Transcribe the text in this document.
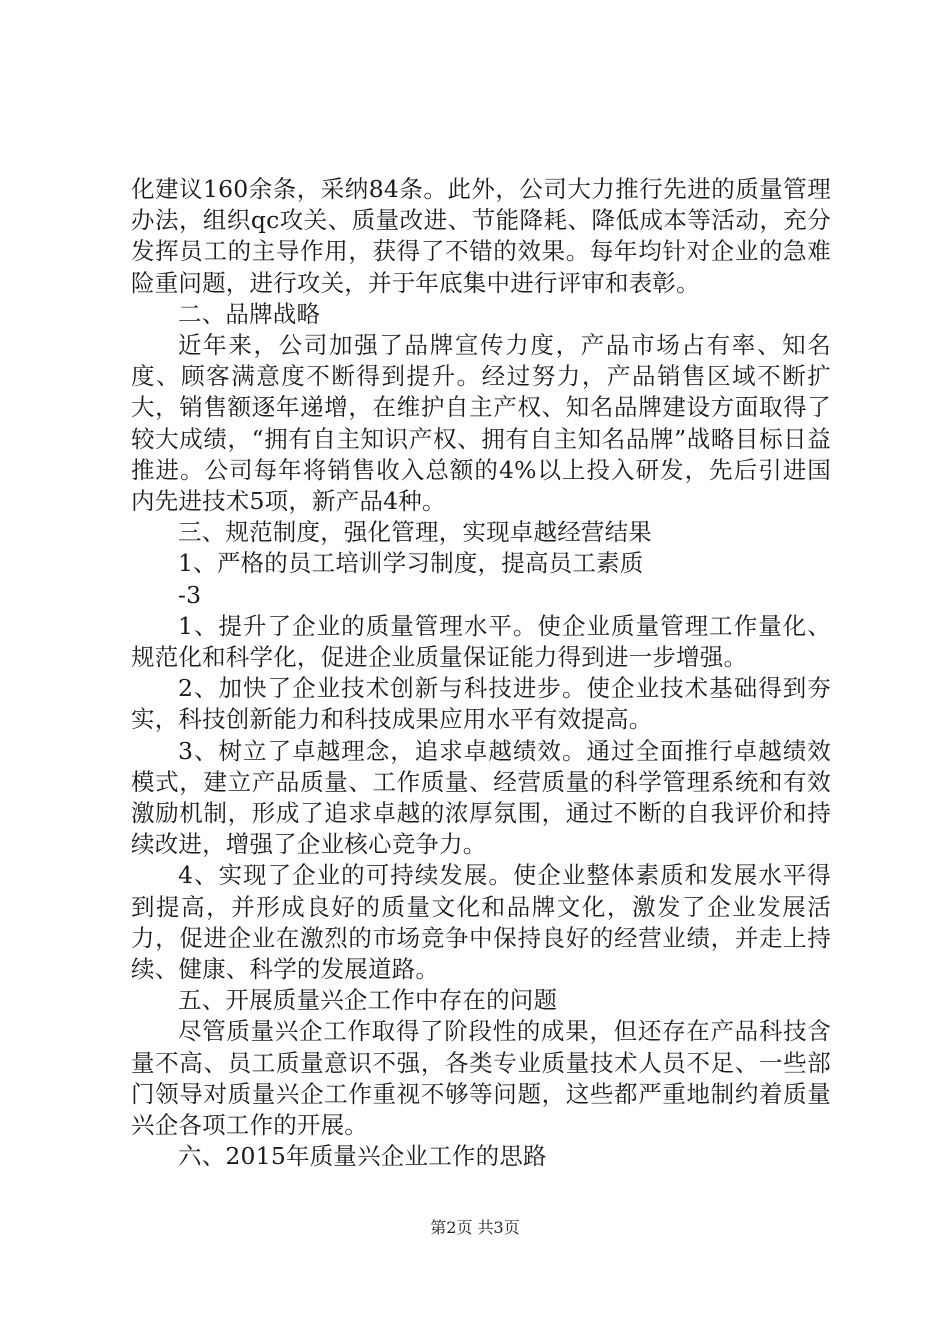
化建议160余条，采纳84条。此外，公司大力推行先进的质量管理办法，组织qc攻关、质量改进、节能降耗、降低成本等活动，充分发挥员工的主导作用，获得了不错的效果。每年均针对企业的急难险重问题，进行攻关，并于年底集中进行评审和表彰。

二、品牌战略

近年来，公司加强了品牌宣传力度，产品市场占有率、知名度、顾客满意度不断得到提升。经过努力，产品销售区域不断扩大，销售额逐年递增，在维护自主产权、知名品牌建设方面取得了较大成绩，“拥有自主知识产权、拥有自主知名品牌”战略目标日益推进。公司每年将销售收入总额的4%以上投入研发，先后引进国内先进技术5项，新产品4种。

三、规范制度，强化管理，实现卓越经营结果

1、严格的员工培训学习制度，提高员工素质

-3

1、提升了企业的质量管理水平。使企业质量管理工作量化、规范化和科学化，促进企业质量保证能力得到进一步增强。

2、加快了企业技术创新与科技进步。使企业技术基础得到夯实，科技创新能力和科技成果应用水平有效提高。

3、树立了卓越理念，追求卓越绩效。通过全面推行卓越绩效模式，建立产品质量、工作质量、经营质量的科学管理系统和有效激励机制，形成了追求卓越的浓厚氛围，通过不断的自我评价和持续改进，增强了企业核心竞争力。

4、实现了企业的可持续发展。使企业整体素质和发展水平得到提高，并形成良好的质量文化和品牌文化，激发了企业发展活力，促进企业在激烈的市场竞争中保持良好的经营业绩，并走上持续、健康、科学的发展道路。

五、开展质量兴企工作中存在的问题

尽管质量兴企工作取得了阶段性的成果，但还存在产品科技含量不高、员工质量意识不强，各类专业质量技术人员不足、一些部门领导对质量兴企工作重视不够等问题，这些都严重地制约着质量兴企各项工作的开展。

六、2015年质量兴企业工作的思路

第2页 共3页
